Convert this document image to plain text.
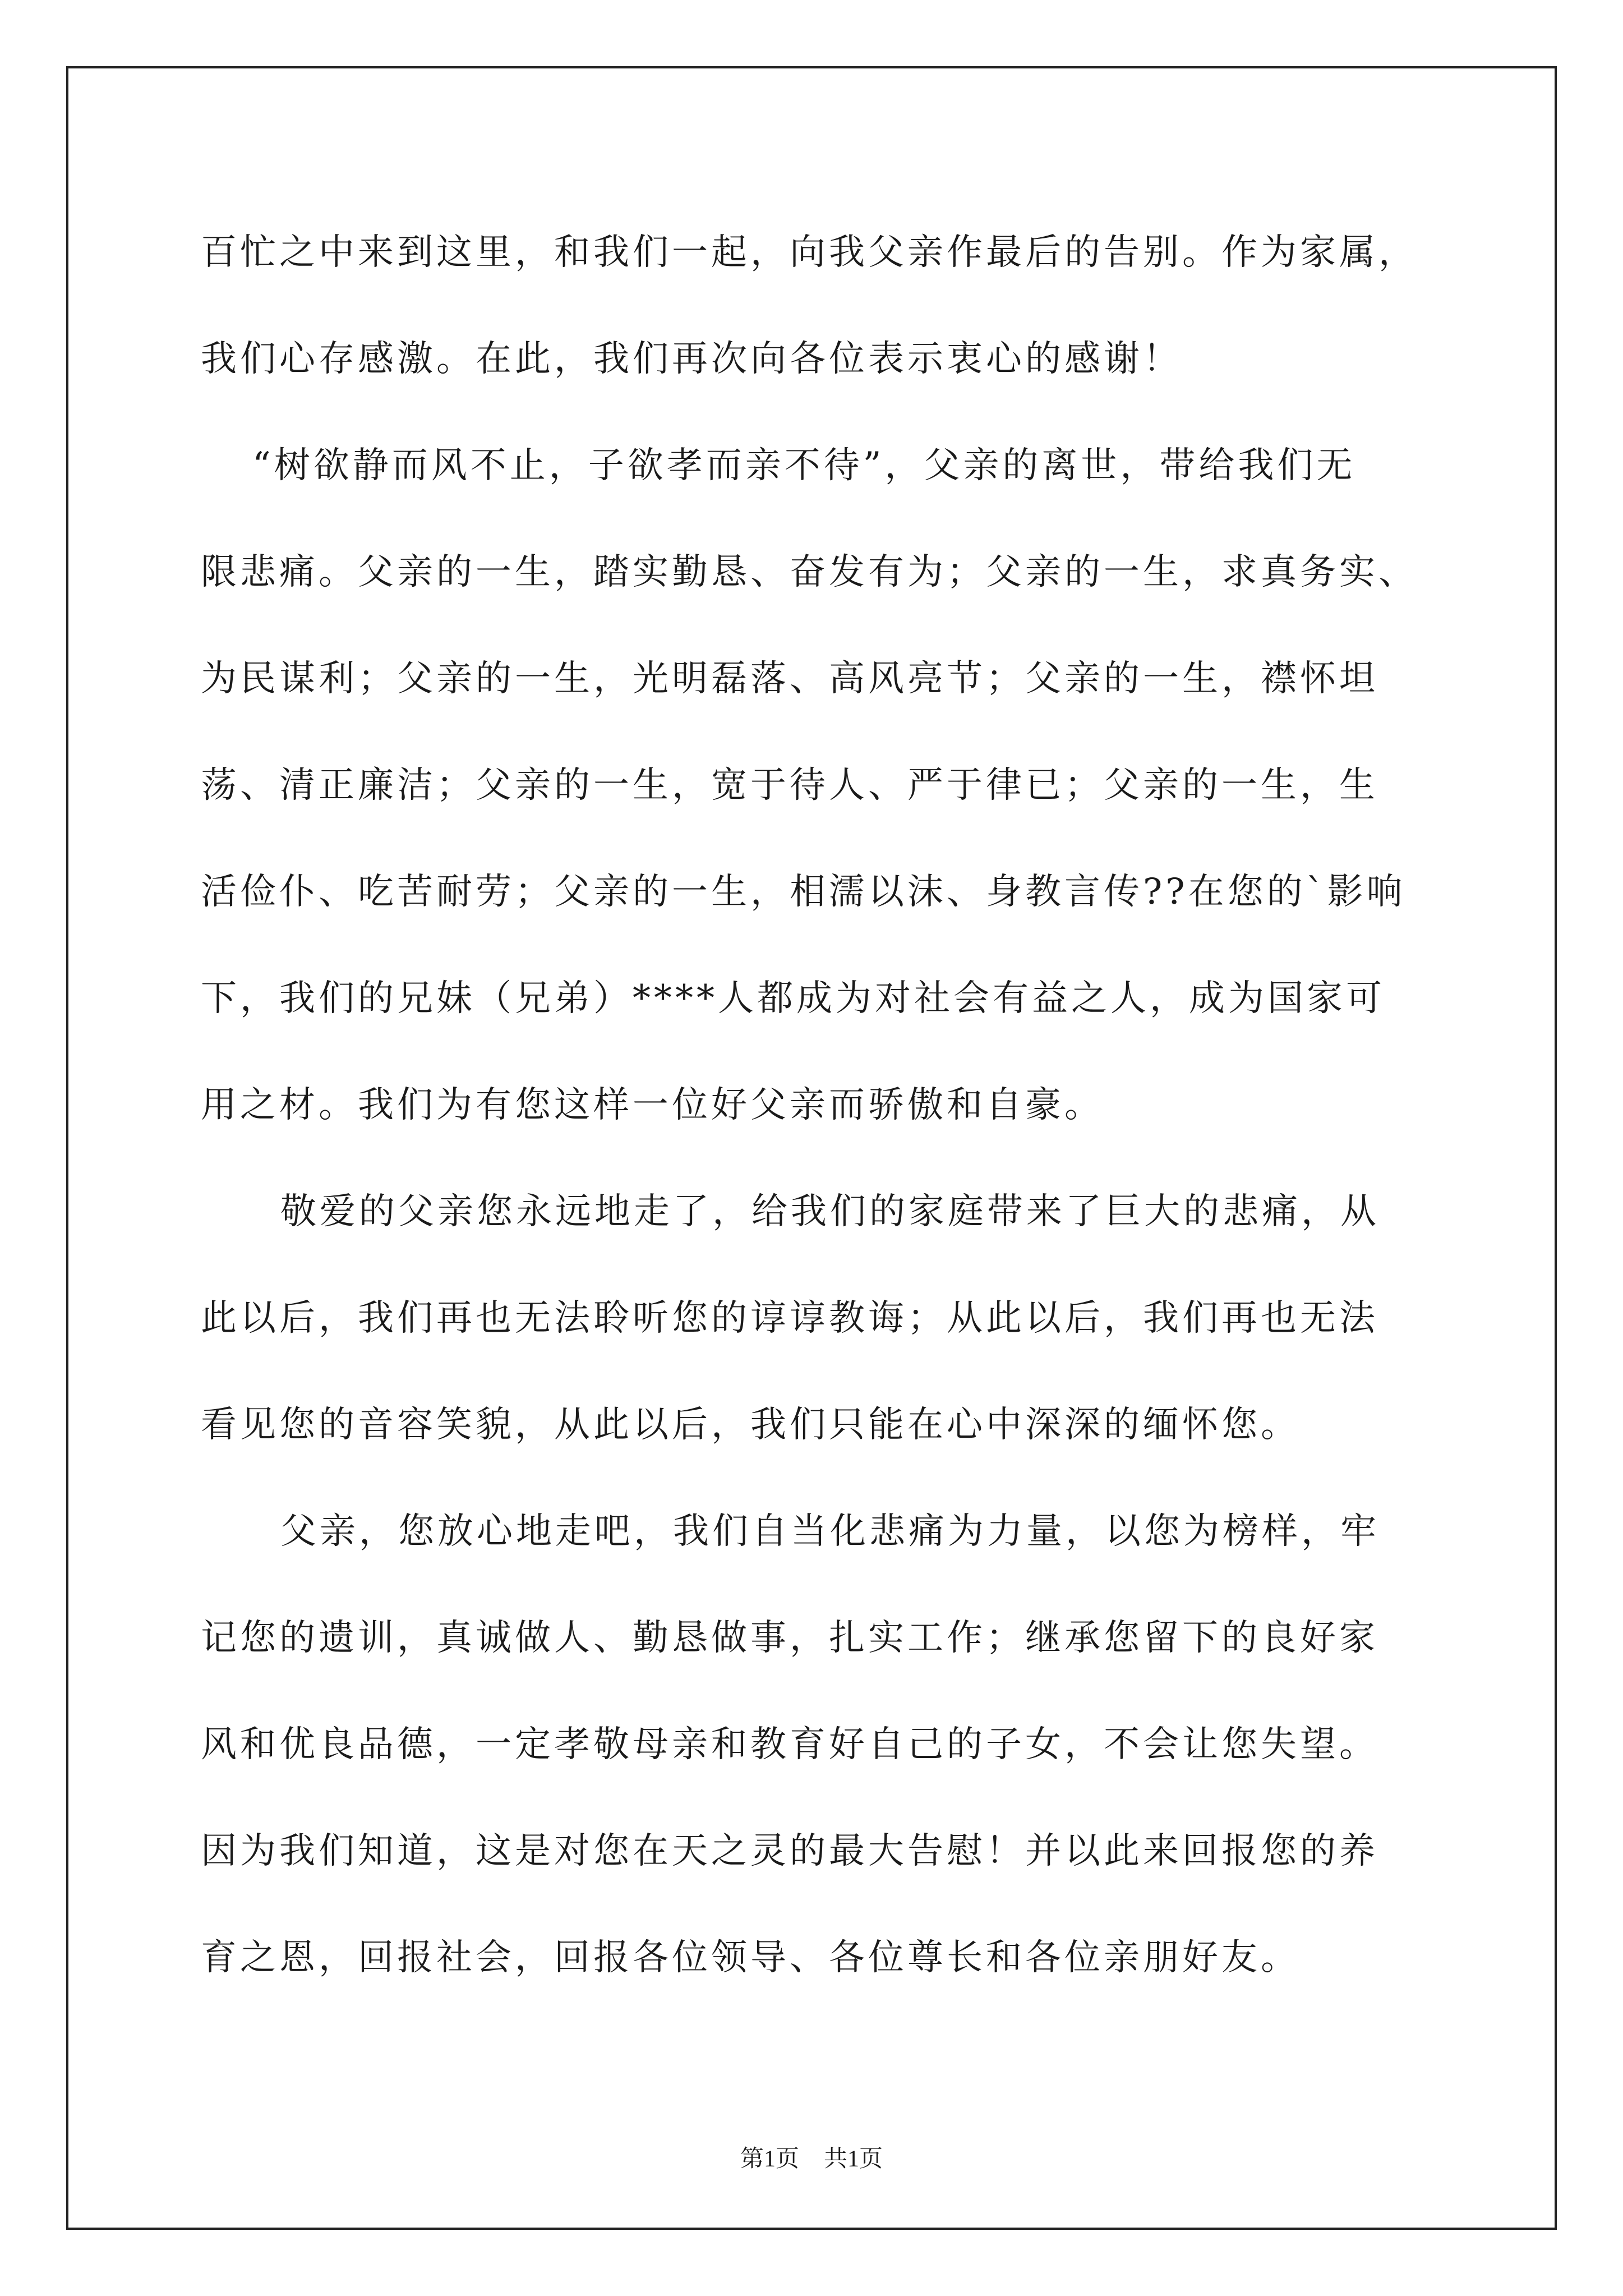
百忙之中来到这里，和我们一起，向我父亲作最后的告别。作为家属，
我们心存感激。在此，我们再次向各位表示衷心的感谢！
“树欲静而风不止，子欲孝而亲不待”，父亲的离世，带给我们无
限悲痛。父亲的一生，踏实勤恳、奋发有为；父亲的一生，求真务实、
为民谋利；父亲的一生，光明磊落、高风亮节；父亲的一生，襟怀坦
荡、清正廉洁；父亲的一生，宽于待人、严于律已；父亲的一生，生
活俭仆、吃苦耐劳；父亲的一生，相濡以沫、身教言传??在您的`影响
下，我们的兄妹（兄弟）****人都成为对社会有益之人，成为国家可
用之材。我们为有您这样一位好父亲而骄傲和自豪。
敬爱的父亲您永远地走了，给我们的家庭带来了巨大的悲痛，从
此以后，我们再也无法聆听您的谆谆教诲；从此以后，我们再也无法
看见您的音容笑貌，从此以后，我们只能在心中深深的缅怀您。
父亲，您放心地走吧，我们自当化悲痛为力量，以您为榜样，牢
记您的遗训，真诚做人、勤恳做事，扎实工作；继承您留下的良好家
风和优良品德，一定孝敬母亲和教育好自己的子女，不会让您失望。
因为我们知道，这是对您在天之灵的最大告慰！并以此来回报您的养
育之恩，回报社会，回报各位领导、各位尊长和各位亲朋好友。
第1页 共1页
